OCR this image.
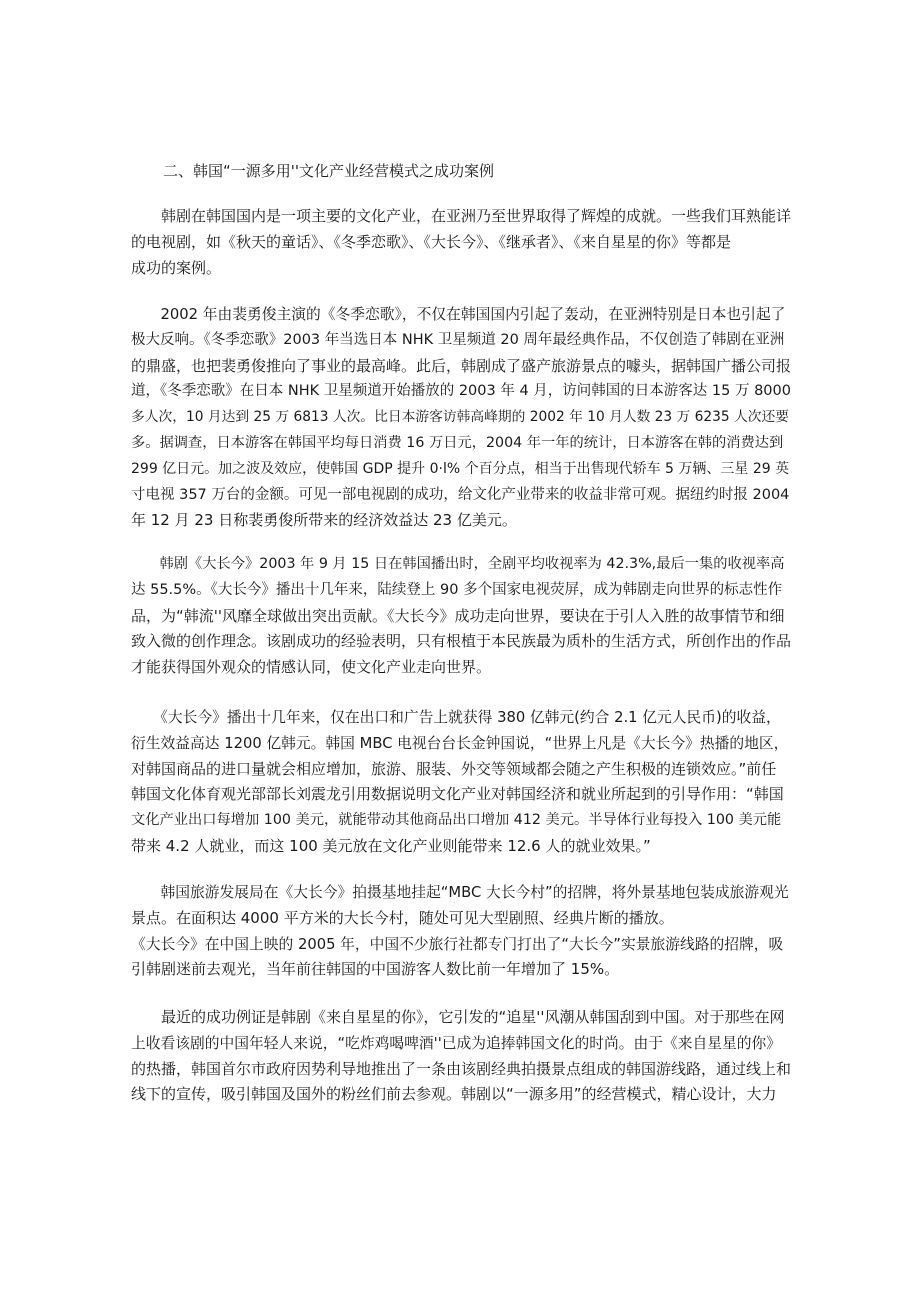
二、韩国“一源多用''文化产业经营模式之成功案例
　　韩剧在韩国国内是一项主要的文化产业，在亚洲乃至世界取得了辉煌的成就。一些我们耳熟能详
的电视剧，如《秋天的童话》、《冬季恋歌》、《大长今》、《继承者》、《来自星星的你》等都是
成功的案例。
　　2002 年由裴勇俊主演的《冬季恋歌》，不仅在韩国国内引起了轰动，在亚洲特别是日本也引起了
极大反响。《冬季恋歌》2003 年当选日本 NHK 卫星频道 20 周年最经典作品，不仅创造了韩剧在亚洲
的鼎盛，也把裴勇俊推向了事业的最高峰。此后，韩剧成了盛产旅游景点的噱头，据韩国广播公司报
道，《冬季恋歌》在日本 NHK 卫星频道开始播放的 2003 年 4 月，访问韩国的日本游客达 15 万 8000
多人次，10 月达到 25 万 6813 人次。比日本游客访韩高峰期的 2002 年 10 月人数 23 万 6235 人次还要
多。据调查，日本游客在韩国平均每日消费 16 万日元，2004 年一年的统计，日本游客在韩的消费达到
299 亿日元。加之波及效应，使韩国 GDP 提升 0·l% 个百分点，相当于出售现代轿车 5 万辆、三星 29 英
寸电视 357 万台的金额。可见一部电视剧的成功，给文化产业带来的收益非常可观。据纽约时报 2004
年 12 月 23 日称裴勇俊所带来的经济效益达 23 亿美元。
　　韩剧《大长今》2003 年 9 月 15 日在韩国播出时，全剧平均收视率为 42.3%,最后一集的收视率高
达 55.5%。《大长今》播出十几年来，陆续登上 90 多个国家电视荧屏，成为韩剧走向世界的标志性作
品，为“韩流''风靡全球做出突出贡献。《大长今》成功走向世界，要诀在于引人入胜的故事情节和细
致入微的创作理念。该剧成功的经验表明，只有根植于本民族最为质朴的生活方式，所创作出的作品
才能获得国外观众的情感认同，使文化产业走向世界。
　　《大长今》播出十几年来，仅在出口和广告上就获得 380 亿韩元(约合 2.1 亿元人民币)的收益，
衍生效益高达 1200 亿韩元。韩国 MBC 电视台台长金钟国说，“世界上凡是《大长今》热播的地区，
对韩国商品的进口量就会相应增加，旅游、服装、外交等领域都会随之产生积极的连锁效应。”前任
韩国文化体育观光部部长刘震龙引用数据说明文化产业对韩国经济和就业所起到的引导作用：“韩国
文化产业出口每增加 100 美元，就能带动其他商品出口增加 412 美元。半导体行业每投入 100 美元能
带来 4.2 人就业，而这 100 美元放在文化产业则能带来 12.6 人的就业效果。”
　　韩国旅游发展局在《大长今》拍摄基地挂起“MBC 大长今村”的招牌，将外景基地包装成旅游观光
景点。在面积达 4000 平方米的大长今村，随处可见大型剧照、经典片断的播放。
《大长今》在中国上映的 2005 年，中国不少旅行社都专门打出了“大长今”实景旅游线路的招牌，吸
引韩剧迷前去观光，当年前往韩国的中国游客人数比前一年增加了 15%。
　　最近的成功例证是韩剧《来自星星的你》，它引发的“追星''风潮从韩国刮到中国。对于那些在网
上收看该剧的中国年轻人来说，“吃炸鸡喝啤酒''已成为追捧韩国文化的时尚。由于《来自星星的你》
的热播，韩国首尔市政府因势利导地推出了一条由该剧经典拍摄景点组成的韩国游线路，通过线上和
线下的宣传，吸引韩国及国外的粉丝们前去参观。韩剧以“一源多用”的经营模式，精心设计，大力
